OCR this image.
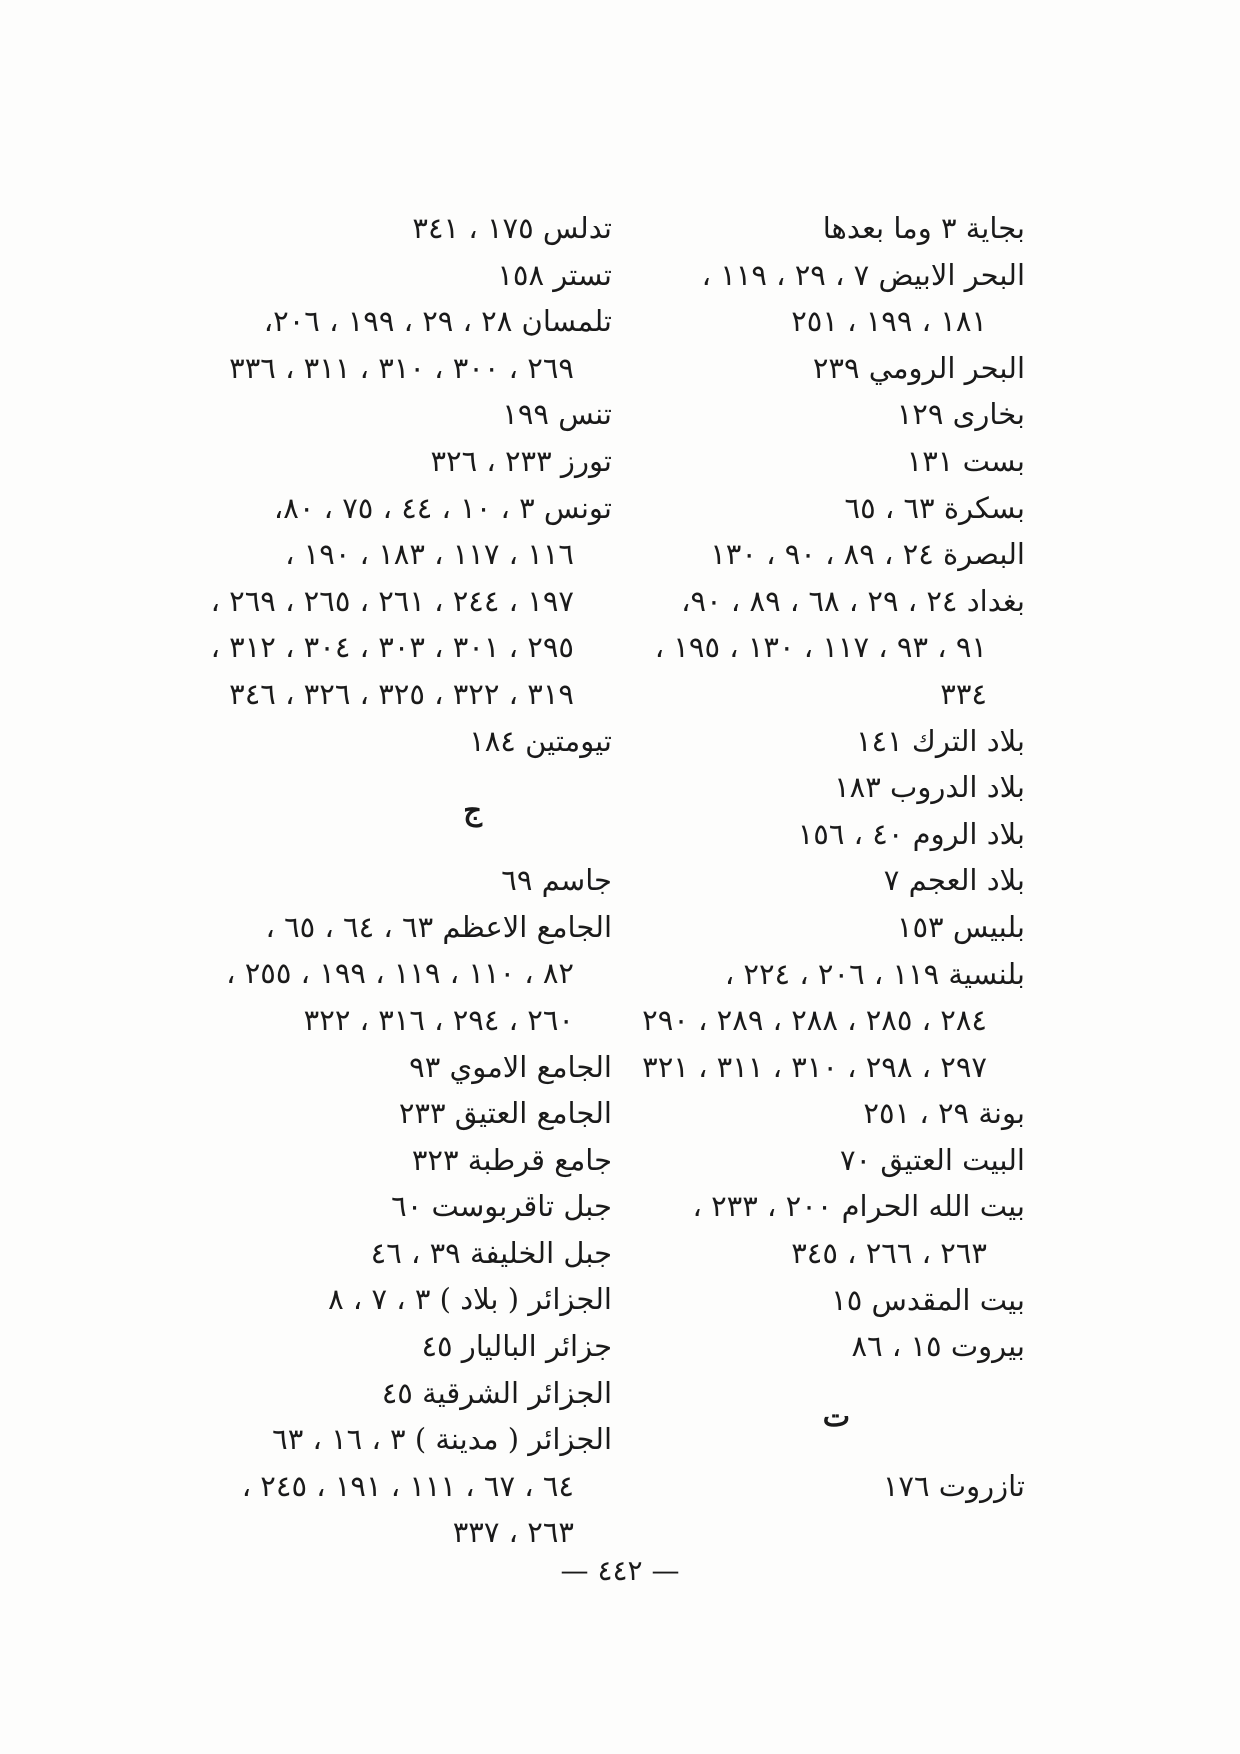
بجاية ٣ وما بعدها
البحر الابيض ٧ ، ٢٩ ، ١١٩ ،
١٨١ ، ١٩٩ ، ٢٥١
البحر الرومي ٢٣٩
بخارى ١٢٩
بست ١٣١
بسكرة ٦٣ ، ٦٥
البصرة ٢٤ ، ٨٩ ، ٩٠ ، ١٣٠
بغداد ٢٤ ، ٢٩ ، ٦٨ ، ٨٩ ، ٩٠،
٩١ ، ٩٣ ، ١١٧ ، ١٣٠ ، ١٩٥ ،
٣٣٤
بلاد الترك ١٤١
بلاد الدروب ١٨٣
بلاد الروم ٤٠ ، ١٥٦
بلاد العجم ٧
بلبيس ١٥٣
بلنسية ١١٩ ، ٢٠٦ ، ٢٢٤ ،
٢٨٤ ، ٢٨٥ ، ٢٨٨ ، ٢٨٩ ، ٢٩٠
٢٩٧ ، ٢٩٨ ، ٣١٠ ، ٣١١ ، ٣٢١
بونة ٢٩ ، ٢٥١
البيت العتيق ٧٠
بيت الله الحرام ٢٠٠ ، ٢٣٣ ،
٢٦٣ ، ٢٦٦ ، ٣٤٥
بيت المقدس ١٥
بيروت ١٥ ، ٨٦
ت
تازروت ١٧٦
تدلس ١٧٥ ، ٣٤١
تستر ١٥٨
تلمسان ٢٨ ، ٢٩ ، ١٩٩ ، ٢٠٦،
٢٦٩ ، ٣٠٠ ، ٣١٠ ، ٣١١ ، ٣٣٦
تنس ١٩٩
تورز ٢٣٣ ، ٣٢٦
تونس ٣ ، ١٠ ، ٤٤ ، ٧٥ ، ٨٠،
١١٦ ، ١١٧ ، ١٨٣ ، ١٩٠ ،
١٩٧ ، ٢٤٤ ، ٢٦١ ، ٢٦٥ ، ٢٦٩ ،
٢٩٥ ، ٣٠١ ، ٣٠٣ ، ٣٠٤ ، ٣١٢ ،
٣١٩ ، ٣٢٢ ، ٣٢٥ ، ٣٢٦ ، ٣٤٦
تيومتين ١٨٤
ج
جاسم ٦٩
الجامع الاعظم ٦٣ ، ٦٤ ، ٦٥ ،
٨٢ ، ١١٠ ، ١١٩ ، ١٩٩ ، ٢٥٥ ،
٢٦٠ ، ٢٩٤ ، ٣١٦ ، ٣٢٢
الجامع الاموي ٩٣
الجامع العتيق ٢٣٣
جامع قرطبة ٣٢٣
جبل تاقربوست ٦٠
جبل الخليفة ٣٩ ، ٤٦
الجزائر ( بلاد ) ٣ ، ٧ ، ٨
جزائر الباليار ٤٥
الجزائر الشرقية ٤٥
الجزائر ( مدينة ) ٣ ، ١٦ ، ٦٣
٦٤ ، ٦٧ ، ١١١ ، ١٩١ ، ٢٤٥ ،
٢٦٣ ، ٣٣٧
— ٤٤٢ —
